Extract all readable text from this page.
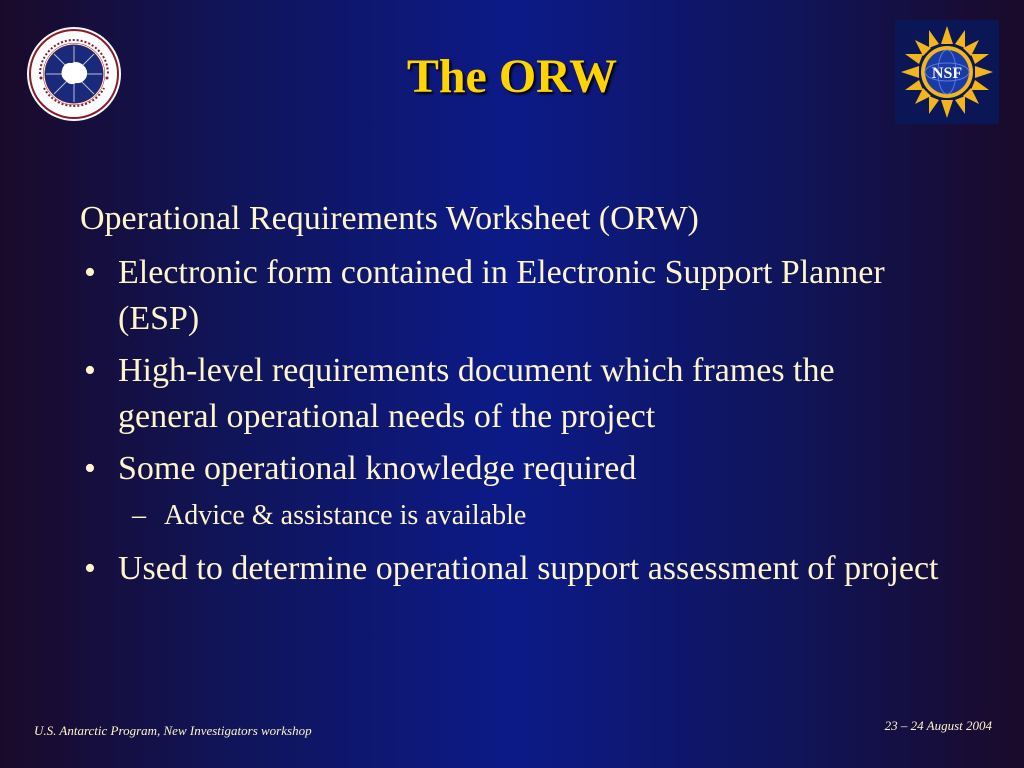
NSF
The ORW
Operational Requirements Worksheet (ORW)
• Electronic form contained in Electronic Support Planner (ESP)
• High-level requirements document which frames the general operational needs of the project
• Some operational knowledge required
– Advice & assistance is available
• Used to determine operational support assessment of project
U.S. Antarctic Program, New Investigators workshop	23 – 24 August 2004
